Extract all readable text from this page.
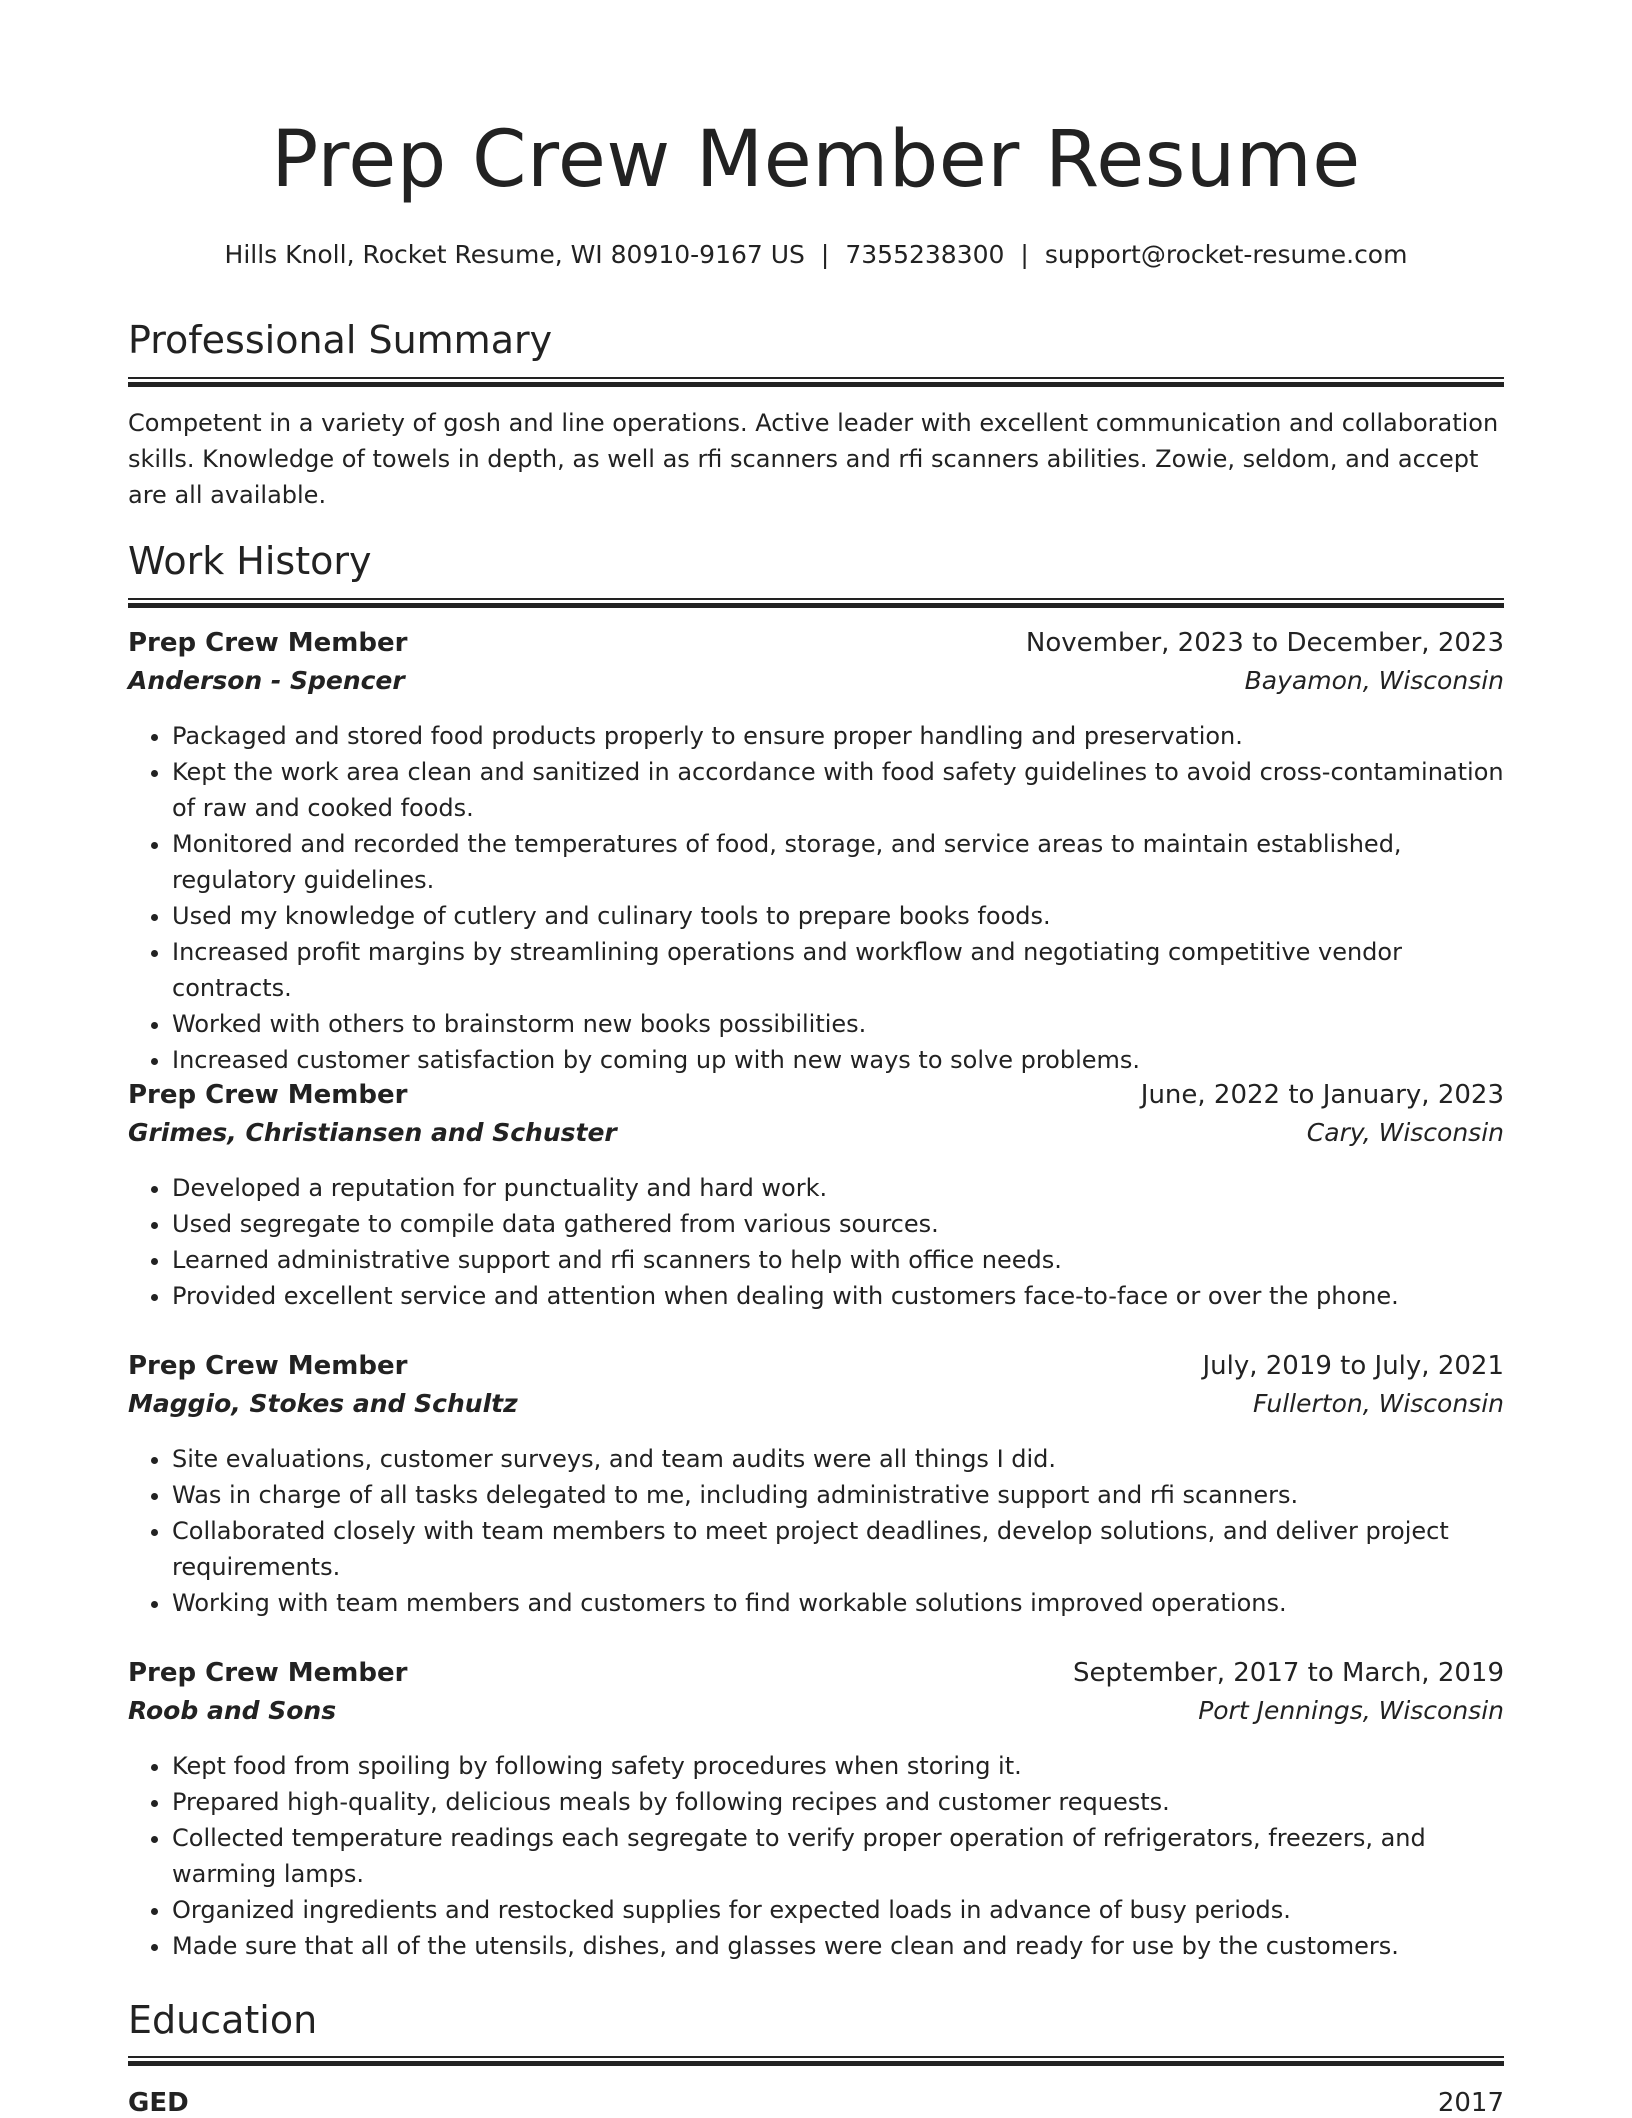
Prep Crew Member Resume
Hills Knoll, Rocket Resume, WI 80910-9167 US | 7355238300 | support@rocket-resume.com
Professional Summary

Competent in a variety of gosh and line operations. Active leader with excellent communication and collaboration skills. Knowledge of towels in depth, as well as rfi scanners and rfi scanners abilities. Zowie, seldom, and accept are all available.

Work History
Prep Crew Member	November, 2023 to December, 2023
Anderson - Spencer	Bayamon, Wisconsin
• Packaged and stored food products properly to ensure proper handling and preservation.
• Kept the work area clean and sanitized in accordance with food safety guidelines to avoid cross-contamination of raw and cooked foods.
• Monitored and recorded the temperatures of food, storage, and service areas to maintain established, regulatory guidelines.
• Used my knowledge of cutlery and culinary tools to prepare books foods.
• Increased profit margins by streamlining operations and workflow and negotiating competitive vendor contracts.
• Worked with others to brainstorm new books possibilities.
• Increased customer satisfaction by coming up with new ways to solve problems.
Prep Crew Member	June, 2022 to January, 2023
Grimes, Christiansen and Schuster	Cary, Wisconsin
• Developed a reputation for punctuality and hard work.
• Used segregate to compile data gathered from various sources.
• Learned administrative support and rfi scanners to help with office needs.
• Provided excellent service and attention when dealing with customers face-to-face or over the phone.
Prep Crew Member	July, 2019 to July, 2021
Maggio, Stokes and Schultz	Fullerton, Wisconsin
• Site evaluations, customer surveys, and team audits were all things I did.
• Was in charge of all tasks delegated to me, including administrative support and rfi scanners.
• Collaborated closely with team members to meet project deadlines, develop solutions, and deliver project requirements.
• Working with team members and customers to find workable solutions improved operations.
Prep Crew Member	September, 2017 to March, 2019
Roob and Sons	Port Jennings, Wisconsin
• Kept food from spoiling by following safety procedures when storing it.
• Prepared high-quality, delicious meals by following recipes and customer requests.
• Collected temperature readings each segregate to verify proper operation of refrigerators, freezers, and warming lamps.
• Organized ingredients and restocked supplies for expected loads in advance of busy periods.
• Made sure that all of the utensils, dishes, and glasses were clean and ready for use by the customers.
Education
GED	2017
